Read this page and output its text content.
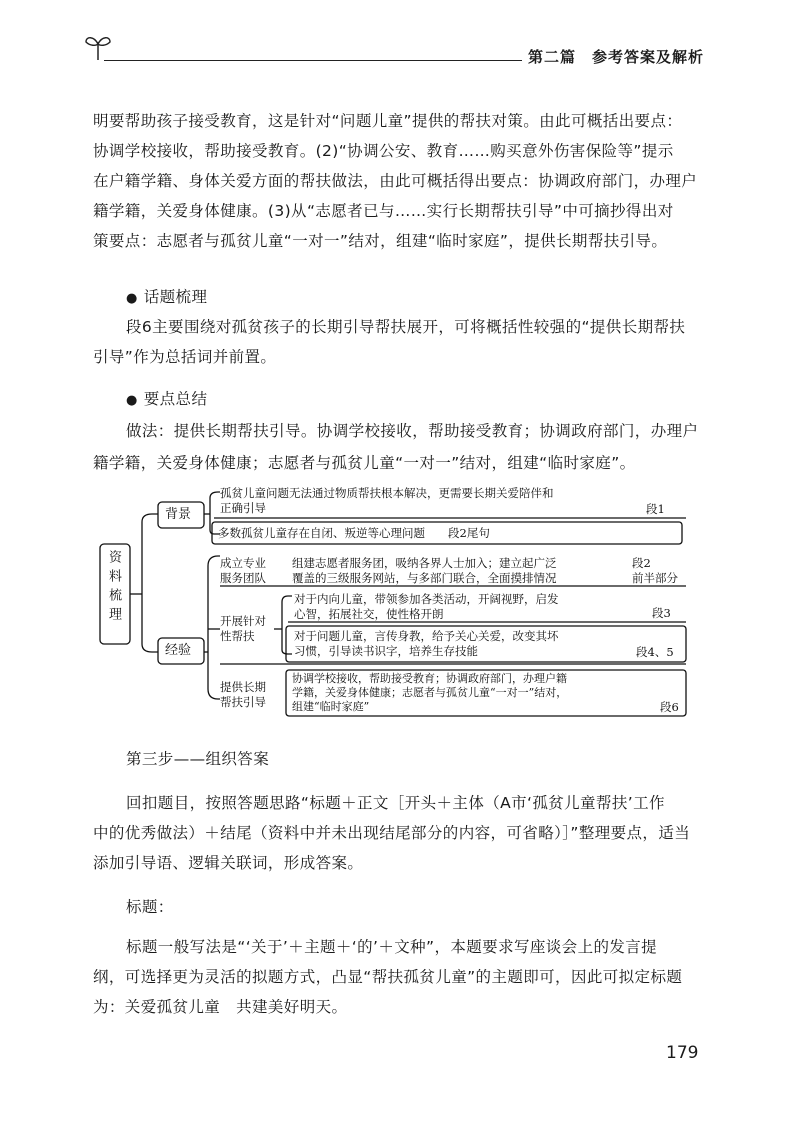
第二篇　参考答案及解析
明要帮助孩子接受教育，这是针对“问题儿童”提供的帮扶对策。由此可概括出要点：
协调学校接收，帮助接受教育。(2)“协调公安、教育……购买意外伤害保险等”提示
在户籍学籍、身体关爱方面的帮扶做法，由此可概括得出要点：协调政府部门，办理户
籍学籍，关爱身体健康。(3)从“志愿者已与……实行长期帮扶引导”中可摘抄得出对
策要点：志愿者与孤贫儿童“一对一”结对，组建“临时家庭”，提供长期帮扶引导。
● 话题梳理
段6主要围绕对孤贫孩子的长期引导帮扶展开，可将概括性较强的“提供长期帮扶
引导”作为总括词并前置。
● 要点总结
做法：提供长期帮扶引导。协调学校接收，帮助接受教育；协调政府部门，办理户
籍学籍，关爱身体健康；志愿者与孤贫儿童“一对一”结对，组建“临时家庭”。
资料梳理
背景
经验
孤贫儿童问题无法通过物质帮扶根本解决，更需要长期关爱陪伴和
正确引导	段1
多数孤贫儿童存在自闭、叛逆等心理问题　　段2尾句
成立专业
服务团队
组建志愿者服务团，吸纳各界人士加入；建立起广泛
覆盖的三级服务网站，与多部门联合，全面摸排情况
段2
前半部分
开展针对
性帮扶
对于内向儿童，带领参加各类活动，开阔视野，启发
心智，拓展社交，使性格开朗	段3
对于问题儿童，言传身教，给予关心关爱，改变其坏
习惯，引导读书识字，培养生存技能	段4、5
提供长期
帮扶引导
协调学校接收，帮助接受教育；协调政府部门，办理户籍
学籍，关爱身体健康；志愿者与孤贫儿童“一对一”结对，
组建“临时家庭”	段6
第三步——组织答案
回扣题目，按照答题思路“标题＋正文［开头＋主体（A市‘孤贫儿童帮扶’工作
中的优秀做法）＋结尾（资料中并未出现结尾部分的内容，可省略）］”整理要点，适当
添加引导语、逻辑关联词，形成答案。
标题：
标题一般写法是“‘关于’＋主题＋‘的’＋文种”，本题要求写座谈会上的发言提
纲，可选择更为灵活的拟题方式，凸显“帮扶孤贫儿童”的主题即可，因此可拟定标题
为：关爱孤贫儿童　共建美好明天。
179
